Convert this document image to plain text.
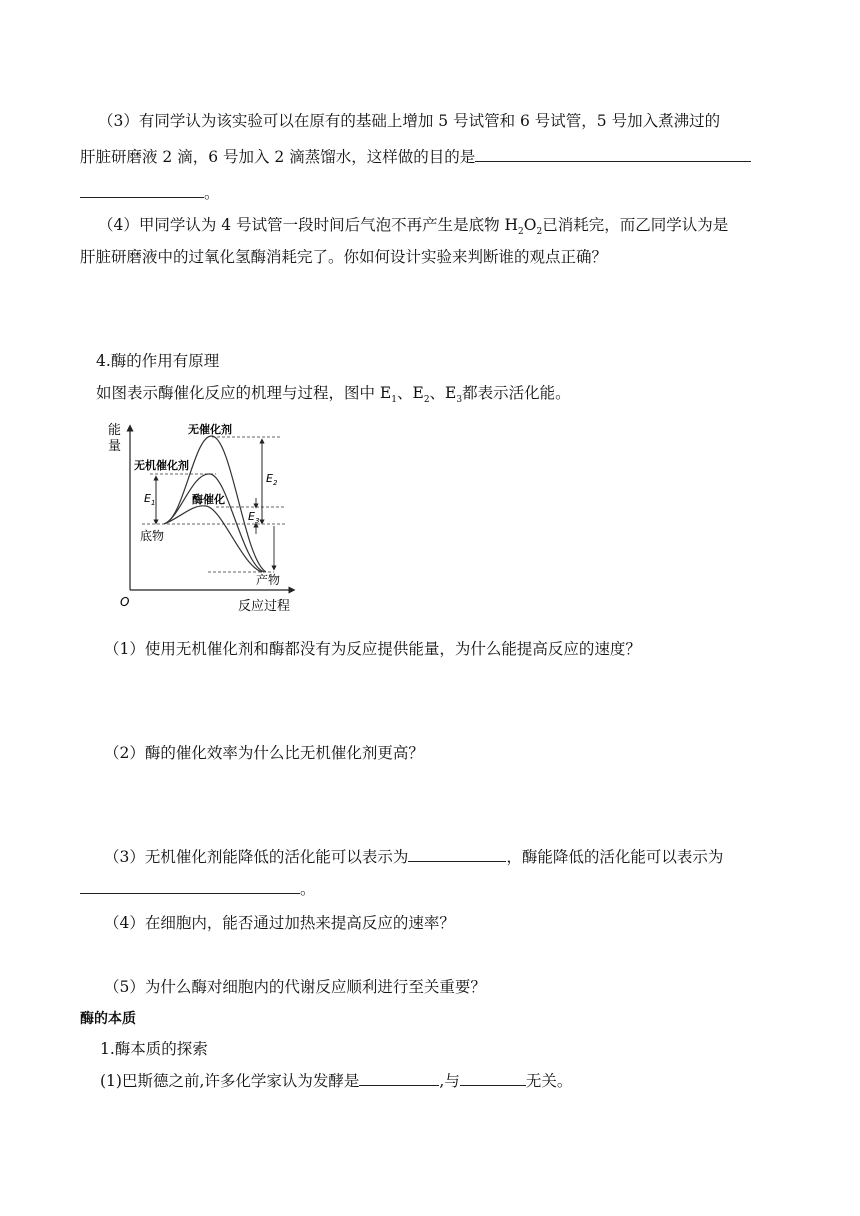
（3）有同学认为该实验可以在原有的基础上增加 5 号试管和 6 号试管，5 号加入煮沸过的
肝脏研磨液 2 滴，6 号加入 2 滴蒸馏水，这样做的目的是
。
（4）甲同学认为 4 号试管一段时间后气泡不再产生是底物 $H_2O_2$已消耗完，而乙同学认为是
肝脏研磨液中的过氧化氢酶消耗完了。你如何设计实验来判断谁的观点正确？
4.酶的作用有原理
如图表示酶催化反应的机理与过程，图中 $E_1$、$E_2$、$E_3$都表示活化能。
能
量
O	反应过程
无催化剂
无机催化剂
酶催化
底物
产物
$E_1$
$E_2$
$E_3$
（1）使用无机催化剂和酶都没有为反应提供能量，为什么能提高反应的速度？
（2）酶的催化效率为什么比无机催化剂更高？
（3）无机催化剂能降低的活化能可以表示为	，酶能降低的活化能可以表示为
。
（4）在细胞内，能否通过加热来提高反应的速率？
（5）为什么酶对细胞内的代谢反应顺利进行至关重要？
酶的本质
1.酶本质的探索
(1)巴斯德之前,许多化学家认为发酵是	,与	无关。
